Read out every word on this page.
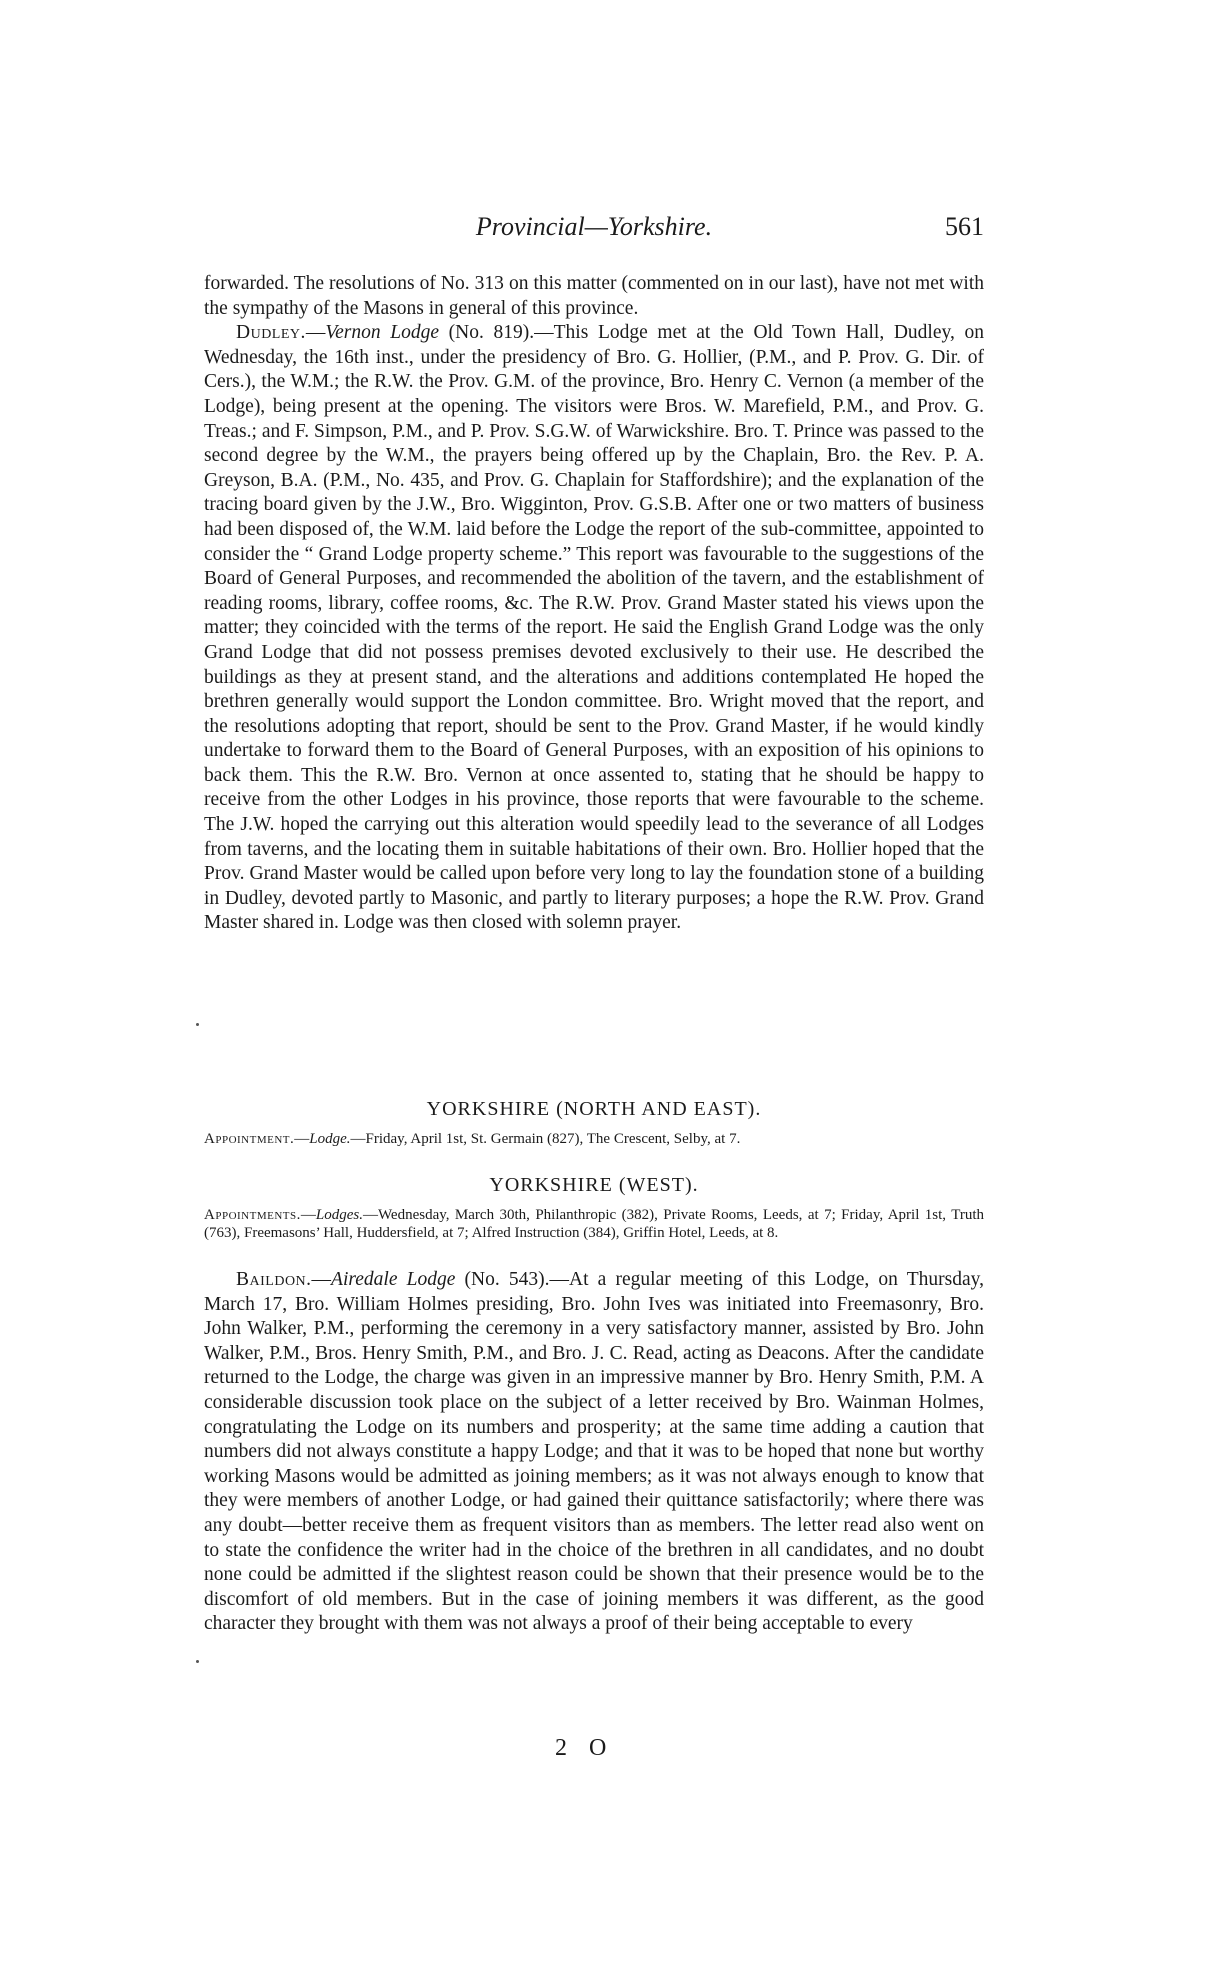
Provincial—Yorkshire.	561

forwarded. The resolutions of No. 313 on this matter (commented on in our last), have not met with the sympathy of the Masons in general of this province.

Dudley.—Vernon Lodge (No. 819).—This Lodge met at the Old Town Hall, Dudley, on Wednesday, the 16th inst., under the presidency of Bro. G. Hollier, (P.M., and P. Prov. G. Dir. of Cers.), the W.M.; the R.W. the Prov. G.M. of the province, Bro. Henry C. Vernon (a member of the Lodge), being present at the opening. The visitors were Bros. W. Marefield, P.M., and Prov. G. Treas.; and F. Simpson, P.M., and P. Prov. S.G.W. of Warwickshire. Bro. T. Prince was passed to the second degree by the W.M., the prayers being offered up by the Chaplain, Bro. the Rev. P. A. Greyson, B.A. (P.M., No. 435, and Prov. G. Chaplain for Staffordshire); and the explanation of the tracing board given by the J.W., Bro. Wigginton, Prov. G.S.B. After one or two matters of business had been disposed of, the W.M. laid before the Lodge the report of the sub-committee, appointed to consider the “ Grand Lodge property scheme.” This report was favourable to the suggestions of the Board of General Purposes, and recommended the abolition of the tavern, and the establishment of reading rooms, library, coffee rooms, &c. The R.W. Prov. Grand Master stated his views upon the matter; they coincided with the terms of the report. He said the English Grand Lodge was the only Grand Lodge that did not possess premises devoted exclusively to their use. He described the buildings as they at present stand, and the alterations and additions contemplated He hoped the brethren generally would support the London committee. Bro. Wright moved that the report, and the resolutions adopting that report, should be sent to the Prov. Grand Master, if he would kindly undertake to forward them to the Board of General Purposes, with an exposition of his opinions to back them. This the R.W. Bro. Vernon at once assented to, stating that he should be happy to receive from the other Lodges in his province, those reports that were favourable to the scheme. The J.W. hoped the carrying out this alteration would speedily lead to the severance of all Lodges from taverns, and the locating them in suitable habitations of their own. Bro. Hollier hoped that the Prov. Grand Master would be called upon before very long to lay the foundation stone of a building in Dudley, devoted partly to Masonic, and partly to literary purposes; a hope the R.W. Prov. Grand Master shared in. Lodge was then closed with solemn prayer.

YORKSHIRE (NORTH AND EAST).
Appointment.—Lodge.—Friday, April 1st, St. Germain (827), The Crescent, Selby, at 7.
YORKSHIRE (WEST).
Appointments.—Lodges.—Wednesday, March 30th, Philanthropic (382), Private Rooms, Leeds, at 7; Friday, April 1st, Truth (763), Freemasons’ Hall, Huddersfield, at 7; Alfred Instruction (384), Griffin Hotel, Leeds, at 8.

Baildon.—Airedale Lodge (No. 543).—At a regular meeting of this Lodge, on Thursday, March 17, Bro. William Holmes presiding, Bro. John Ives was initiated into Freemasonry, Bro. John Walker, P.M., performing the ceremony in a very satisfactory manner, assisted by Bro. John Walker, P.M., Bros. Henry Smith, P.M., and Bro. J. C. Read, acting as Deacons. After the candidate returned to the Lodge, the charge was given in an impressive manner by Bro. Henry Smith, P.M. A considerable discussion took place on the subject of a letter received by Bro. Wainman Holmes, congratulating the Lodge on its numbers and prosperity; at the same time adding a caution that numbers did not always constitute a happy Lodge; and that it was to be hoped that none but worthy working Masons would be admitted as joining members; as it was not always enough to know that they were members of another Lodge, or had gained their quittance satisfactorily; where there was any doubt—better receive them as frequent visitors than as members. The letter read also went on to state the confidence the writer had in the choice of the brethren in all candidates, and no doubt none could be admitted if the slightest reason could be shown that their presence would be to the discomfort of old members. But in the case of joining members it was different, as the good character they brought with them was not always a proof of their being acceptable to every

2 O
